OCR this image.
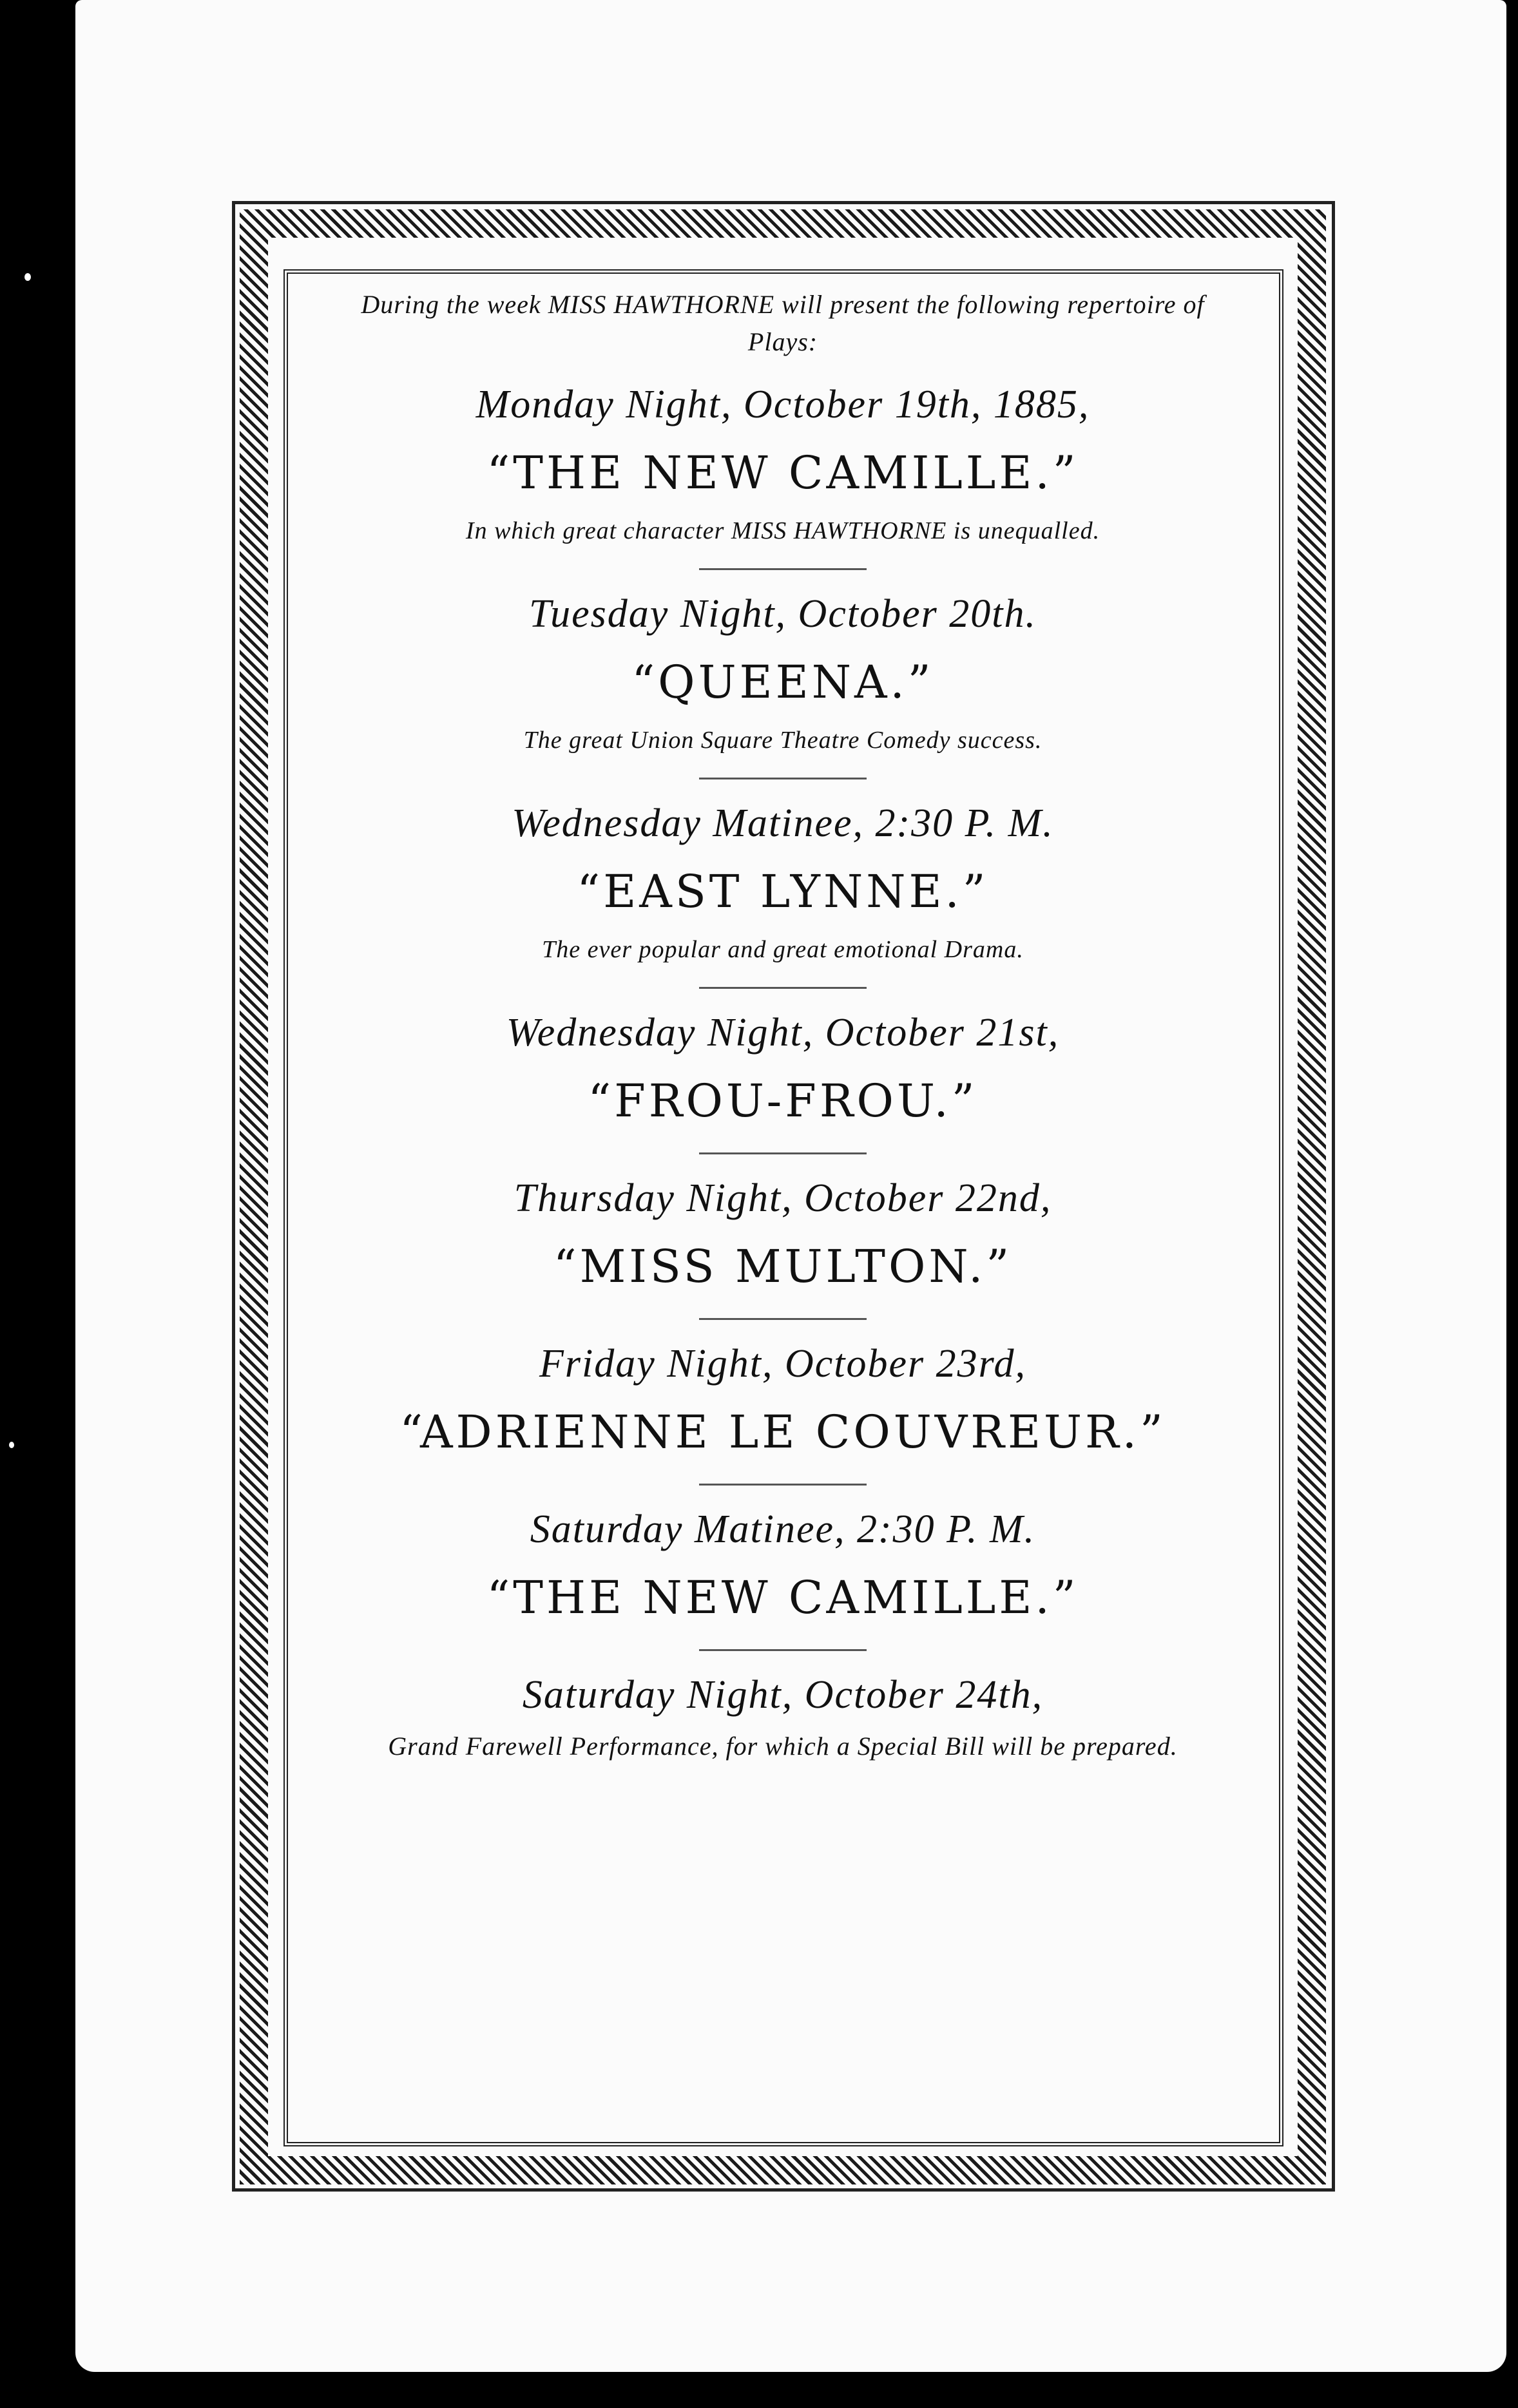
During the week MISS HAWTHORNE will present the following repertoire of Plays:
Monday Night, October 19th, 1885,
“THE NEW CAMILLE.”
In which great character MISS HAWTHORNE is unequalled.
Tuesday Night, October 20th.
“QUEENA.”
The great Union Square Theatre Comedy success.
Wednesday Matinee, 2:30 P. M.
“EAST LYNNE.”
The ever popular and great emotional Drama.
Wednesday Night, October 21st,
“FROU-FROU.”
Thursday Night, October 22nd,
“MISS MULTON.”
Friday Night, October 23rd,
“ADRIENNE LE COUVREUR.”
Saturday Matinee, 2:30 P. M.
“THE NEW CAMILLE.”
Saturday Night, October 24th,
Grand Farewell Performance, for which a Special Bill will be prepared.
